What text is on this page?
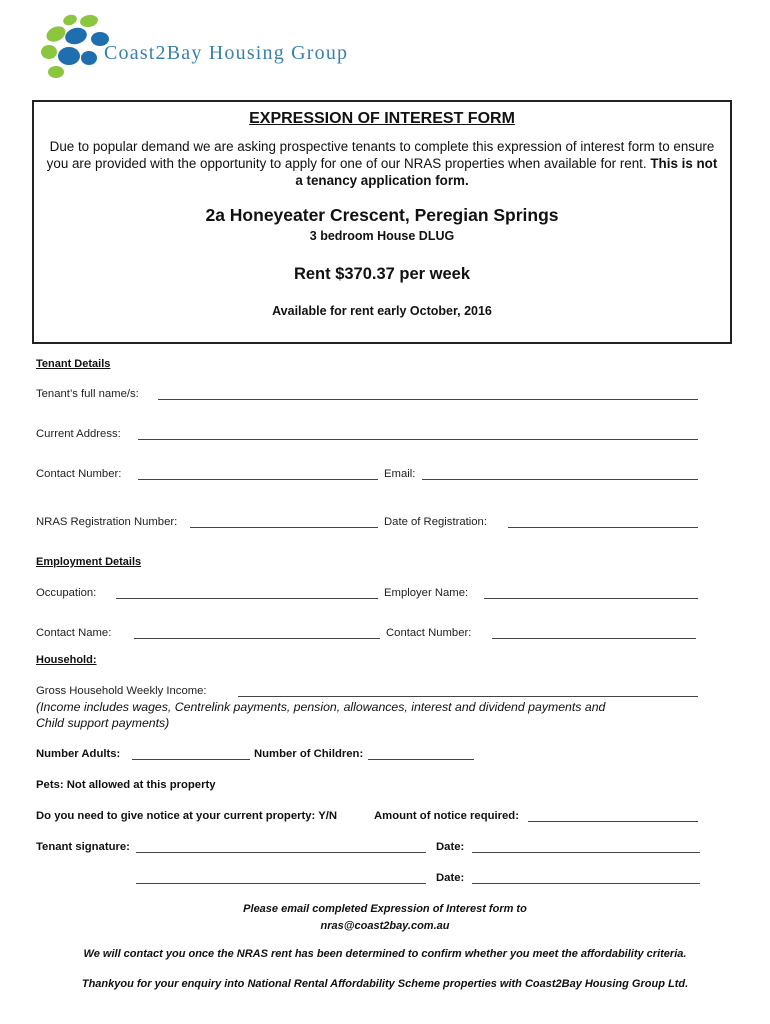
Coast2Bay Housing Group
EXPRESSION OF INTEREST FORM
Due to popular demand we are asking prospective tenants to complete this expression of interest form to ensure you are provided with the opportunity to apply for one of our NRAS properties when available for rent. This is not a tenancy application form.
2a Honeyeater Crescent, Peregian Springs
3 bedroom House DLUG
Rent $370.37 per week
Available for rent early October, 2016
Tenant Details
Tenant’s full name/s:
Current Address:
Contact Number:	Email:
NRAS Registration Number:	Date of Registration:
Employment Details
Occupation:	Employer Name:
Contact Name:	Contact Number:
Household:
Gross Household Weekly Income:
(Income includes wages, Centrelink payments, pension, allowances, interest and dividend payments and
Child support payments)
Number Adults:	Number of Children:
Pets: Not allowed at this property
Do you need to give notice at your current property: Y/N	Amount of notice required:
Tenant signature:	Date:
Date:
Please email completed Expression of Interest form to
nras@coast2bay.com.au
We will contact you once the NRAS rent has been determined to confirm whether you meet the affordability criteria.
Thankyou for your enquiry into National Rental Affordability Scheme properties with Coast2Bay Housing Group Ltd.
